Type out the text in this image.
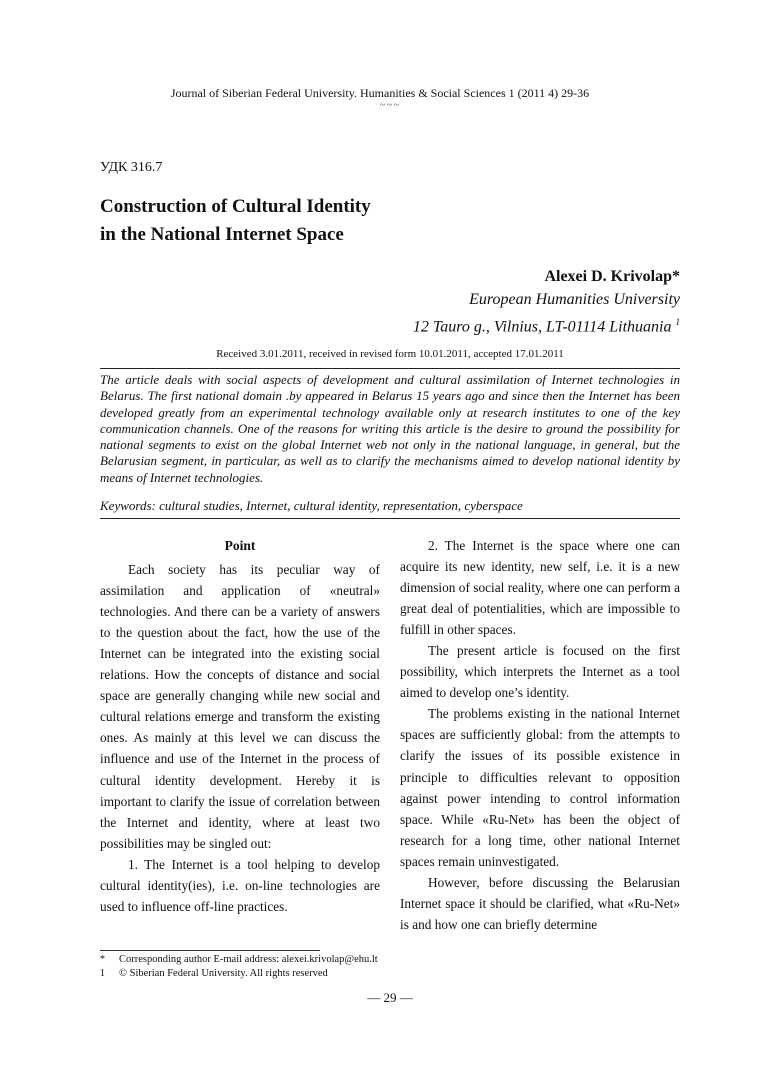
Journal of Siberian Federal University. Humanities & Social Sciences 1 (2011 4) 29-36
~~~
УДК 316.7
Construction of Cultural Identity
in the National Internet Space
Alexei D. Krivolap*
European Humanities University
12 Tauro g., Vilnius, LT-01114 Lithuania $^1$
Received 3.01.2011, received in revised form 10.01.2011, accepted 17.01.2011
The article deals with social aspects of development and cultural assimilation of Internet technologies in Belarus. The first national domain .by appeared in Belarus 15 years ago and since then the Internet has been developed greatly from an experimental technology available only at research institutes to one of the key communication channels. One of the reasons for writing this article is the desire to ground the possibility for national segments to exist on the global Internet web not only in the national language, in general, but the Belarusian segment, in particular, as well as to clarify the mechanisms aimed to develop national identity by means of Internet technologies.
Keywords: cultural studies, Internet, cultural identity, representation, cyberspace
Point

Each society has its peculiar way of assimilation and application of «neutral» technologies. And there can be a variety of answers to the question about the fact, how the use of the Internet can be integrated into the existing social relations. How the concepts of distance and social space are generally changing while new social and cultural relations emerge and transform the existing ones. As mainly at this level we can discuss the influence and use of the Internet in the process of cultural identity development. Hereby it is important to clarify the issue of correlation between the Internet and identity, where at least two possibilities may be singled out:

1. The Internet is a tool helping to develop cultural identity(ies), i.e. on-line technologies are used to influence off-line practices.

2. The Internet is the space where one can acquire its new identity, new self, i.e. it is a new dimension of social reality, where one can perform a great deal of potentialities, which are impossible to fulfill in other spaces.

The present article is focused on the first possibility, which interprets the Internet as a tool aimed to develop one’s identity.

The problems existing in the national Internet spaces are sufficiently global: from the attempts to clarify the issues of its possible existence in principle to difficulties relevant to opposition against power intending to control information space. While «Ru-Net» has been the object of research for a long time, other national Internet spaces remain uninvestigated.

However, before discussing the Belarusian Internet space it should be clarified, what «Ru-Net» is and how one can briefly determine

* Corresponding author E-mail address: alexei.krivolap@ehu.lt
1 © Siberian Federal University. All rights reserved
— 29 —
